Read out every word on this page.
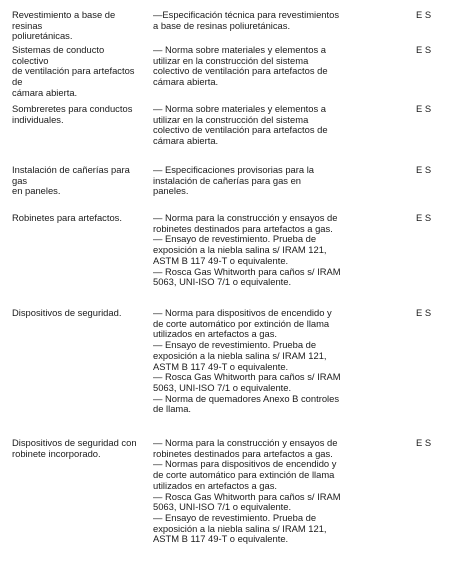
Revestimiento a base de resinas
poliuretánicas.
—Especificación técnica para revestimientos
a base de resinas poliuretánicas.
E S
Sistemas de conducto colectivo
de ventilación para artefactos de
cámara abierta.
— Norma sobre materiales y elementos a
utilizar en la construcción del sistema
colectivo de ventilación para artefactos de
cámara abierta.
E S
Sombreretes para conductos
individuales.
— Norma sobre materiales y elementos a
utilizar en la construcción del sistema
colectivo de ventilación para artefactos de
cámara abierta.
E S
Instalación de cañerías para gas
en paneles.
— Especificaciones provisorias para la
instalación de cañerías para gas en
paneles.
E S
Robinetes para artefactos.	— Norma para la construcción y ensayos de
robinetes destinados para artefactos a gas.
— Ensayo de revestimiento. Prueba de
exposición a la niebla salina s/ IRAM 121,
ASTM B 117 49-T o equivalente.
— Rosca Gas Whitworth para caños s/ IRAM
5063, UNI-ISO 7/1 o equivalente.
E S
Dispositivos de seguridad.	— Norma para dispositivos de encendido y
de corte automático por extinción de llama
utilizados en artefactos a gas.
— Ensayo de revestimiento. Prueba de
exposición a la niebla salina s/ IRAM 121,
ASTM B 117 49-T o equivalente.
— Rosca Gas Whitworth para caños s/ IRAM
5063, UNI-ISO 7/1 o equivalente.
— Norma de quemadores Anexo B controles
de llama.
E S
Dispositivos de seguridad con
robinete incorporado.
— Norma para la construcción y ensayos de
robinetes destinados para artefactos a gas.
— Normas para dispositivos de encendido y
de corte automático para extinción de llama
utilizados en artefactos a gas.
— Rosca Gas Whitworth para caños s/ IRAM
5063, UNI-ISO 7/1 o equivalente.
— Ensayo de revestimiento. Prueba de
exposición a la niebla salina s/ IRAM 121,
ASTM B 117 49-T o equivalente.
E S
